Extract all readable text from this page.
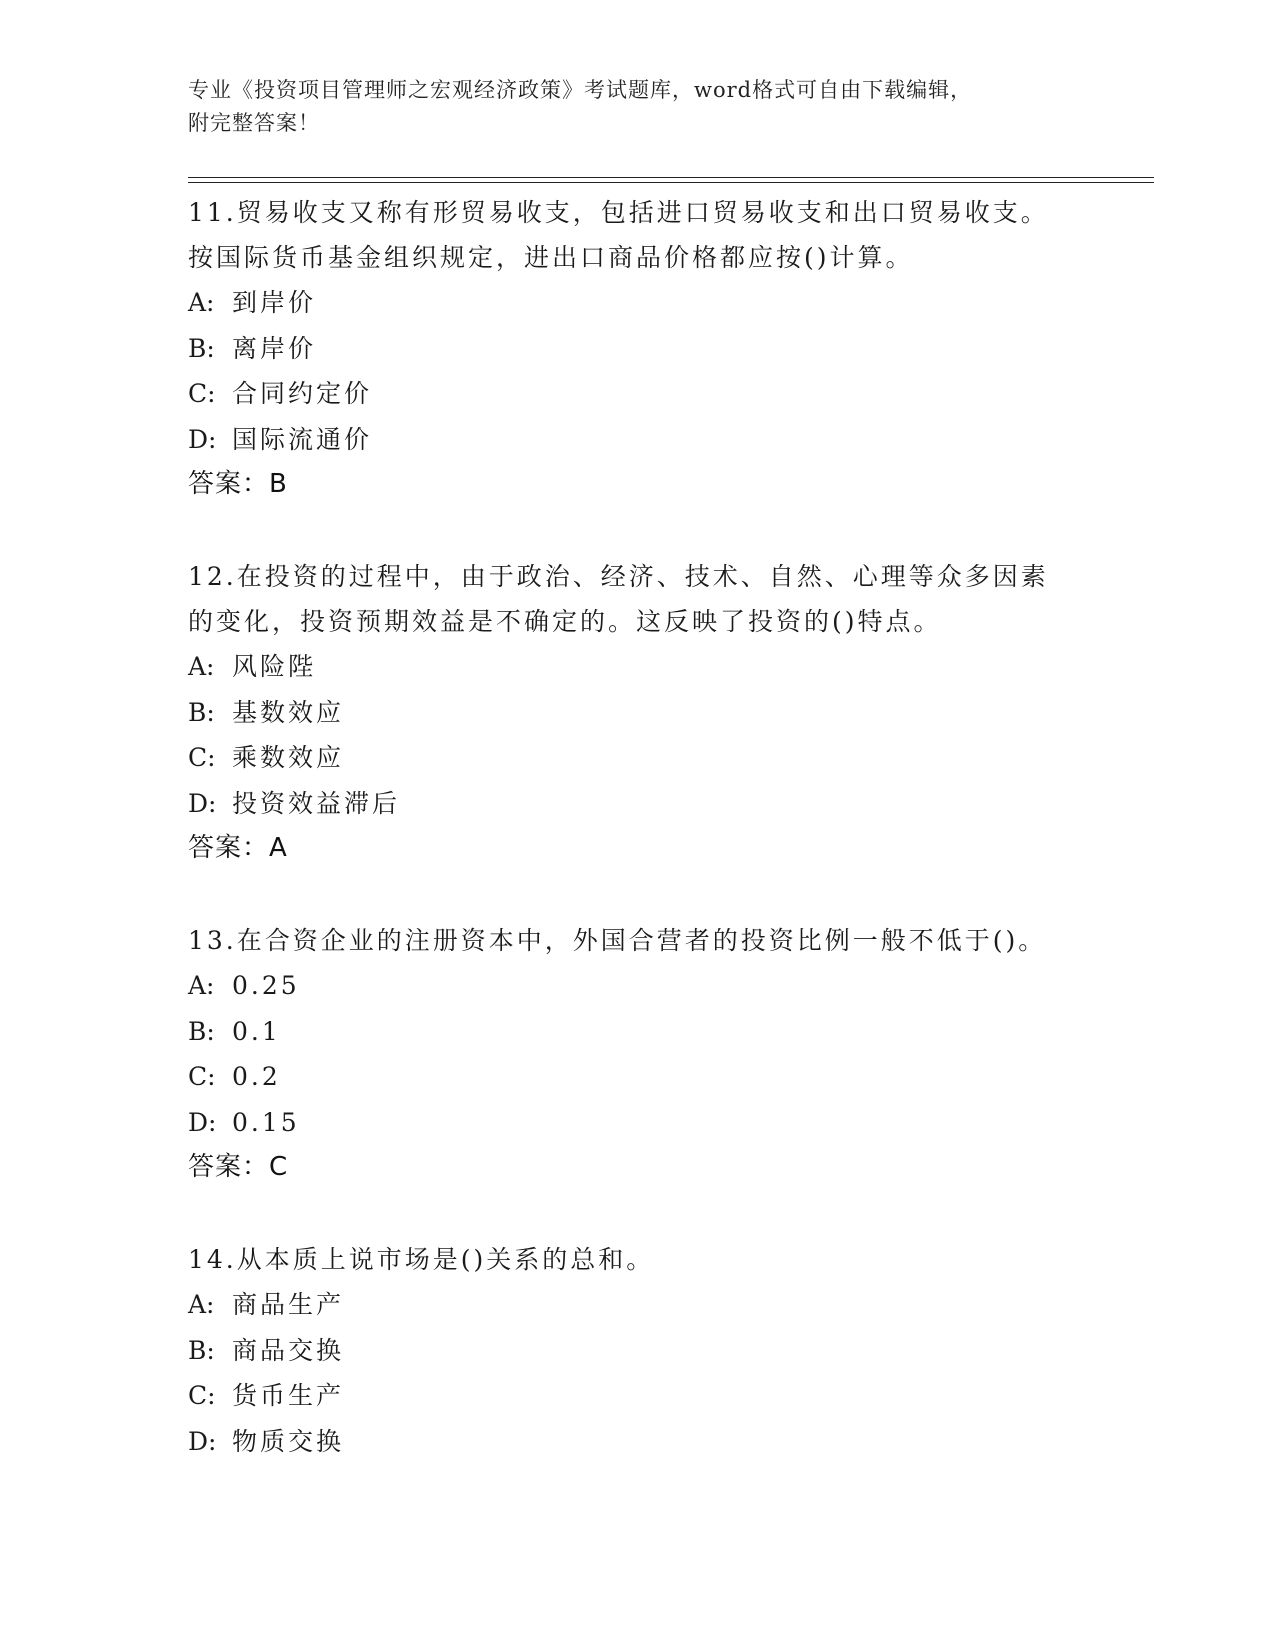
专业《投资项目管理师之宏观经济政策》考试题库，word格式可自由下载编辑，
附完整答案！

11.贸易收支又称有形贸易收支，包括进口贸易收支和出口贸易收支。

按国际货币基金组织规定，进出口商品价格都应按()计算。

A: 到岸价

B: 离岸价

C: 合同约定价

D: 国际流通价

答案：B

12.在投资的过程中，由于政治、经济、技术、自然、心理等众多因素

的变化，投资预期效益是不确定的。这反映了投资的()特点。

A: 风险陛

B: 基数效应

C: 乘数效应

D: 投资效益滞后

答案：A

13.在合资企业的注册资本中，外国合营者的投资比例一般不低于()。

A: 0.25

B: 0.1

C: 0.2

D: 0.15

答案：C

14.从本质上说市场是()关系的总和。

A: 商品生产

B: 商品交换

C: 货币生产

D: 物质交换
